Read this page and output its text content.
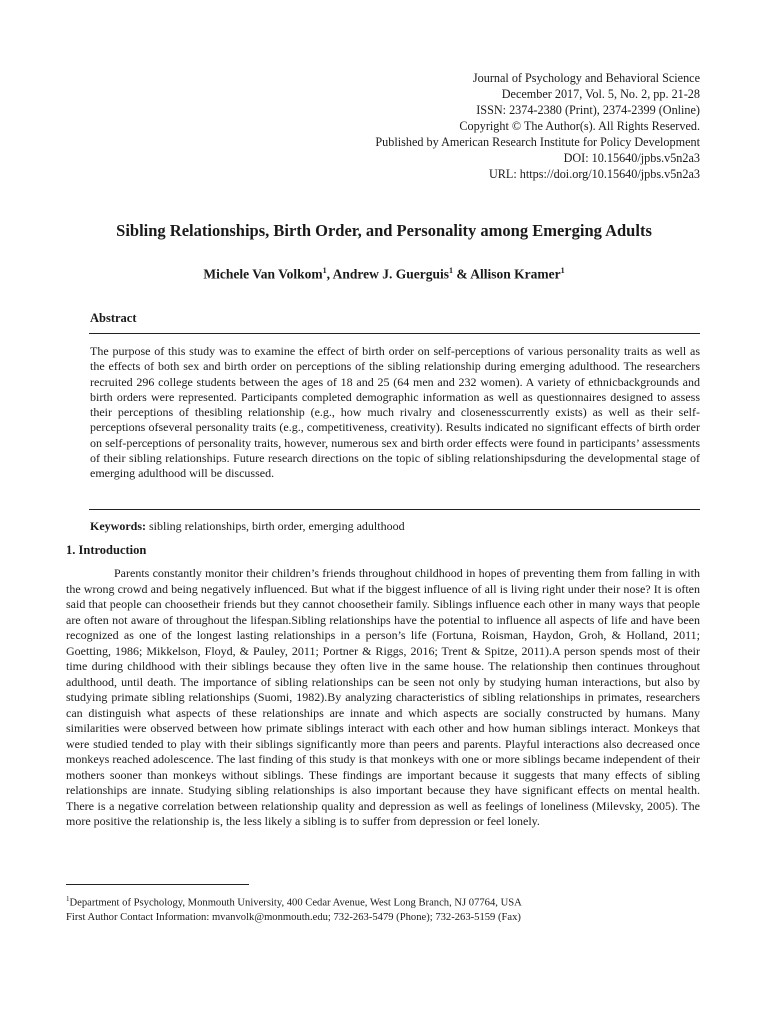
Journal of Psychology and Behavioral Science
December 2017, Vol. 5, No. 2, pp. 21-28
ISSN: 2374-2380 (Print), 2374-2399 (Online)
Copyright © The Author(s). All Rights Reserved.
Published by American Research Institute for Policy Development
DOI: 10.15640/jpbs.v5n2a3
URL: https://doi.org/10.15640/jpbs.v5n2a3
Sibling Relationships, Birth Order, and Personality among Emerging Adults
Michele Van Volkom$^1$, Andrew J. Guerguis$^1$ & Allison Kramer$^1$
Abstract
The purpose of this study was to examine the effect of birth order on self-perceptions of various personality traits as well as the effects of both sex and birth order on perceptions of the sibling relationship during emerging adulthood. The researchers recruited 296 college students between the ages of 18 and 25 (64 men and 232 women). A variety of ethnicbackgrounds and birth orders were represented. Participants completed demographic information as well as questionnaires designed to assess their perceptions of thesibling relationship (e.g., how much rivalry and closenesscurrently exists) as well as their self-perceptions ofseveral personality traits (e.g., competitiveness, creativity). Results indicated no significant effects of birth order on self-perceptions of personality traits, however, numerous sex and birth order effects were found in participants’ assessments of their sibling relationships. Future research directions on the topic of sibling relationshipsduring the developmental stage of emerging adulthood will be discussed.
Keywords: sibling relationships, birth order, emerging adulthood
1. Introduction
Parents constantly monitor their children’s friends throughout childhood in hopes of preventing them from falling in with the wrong crowd and being negatively influenced. But what if the biggest influence of all is living right under their nose? It is often said that people can choosetheir friends but they cannot choosetheir family. Siblings influence each other in many ways that people are often not aware of throughout the lifespan.Sibling relationships have the potential to influence all aspects of life and have been recognized as one of the longest lasting relationships in a person’s life (Fortuna, Roisman, Haydon, Groh, & Holland, 2011; Goetting, 1986; Mikkelson, Floyd, & Pauley, 2011; Portner & Riggs, 2016; Trent & Spitze, 2011).A person spends most of their time during childhood with their siblings because they often live in the same house. The relationship then continues throughout adulthood, until death. The importance of sibling relationships can be seen not only by studying human interactions, but also by studying primate sibling relationships (Suomi, 1982).By analyzing characteristics of sibling relationships in primates, researchers can distinguish what aspects of these relationships are innate and which aspects are socially constructed by humans. Many similarities were observed between how primate siblings interact with each other and how human siblings interact. Monkeys that were studied tended to play with their siblings significantly more than peers and parents. Playful interactions also decreased once monkeys reached adolescence. The last finding of this study is that monkeys with one or more siblings became independent of their mothers sooner than monkeys without siblings. These findings are important because it suggests that many effects of sibling relationships are innate. Studying sibling relationships is also important because they have significant effects on mental health. There is a negative correlation between relationship quality and depression as well as feelings of loneliness (Milevsky, 2005). The more positive the relationship is, the less likely a sibling is to suffer from depression or feel lonely.
$^1$Department of Psychology, Monmouth University, 400 Cedar Avenue, West Long Branch, NJ 07764, USA
First Author Contact Information: mvanvolk@monmouth.edu; 732-263-5479 (Phone); 732-263-5159 (Fax)
